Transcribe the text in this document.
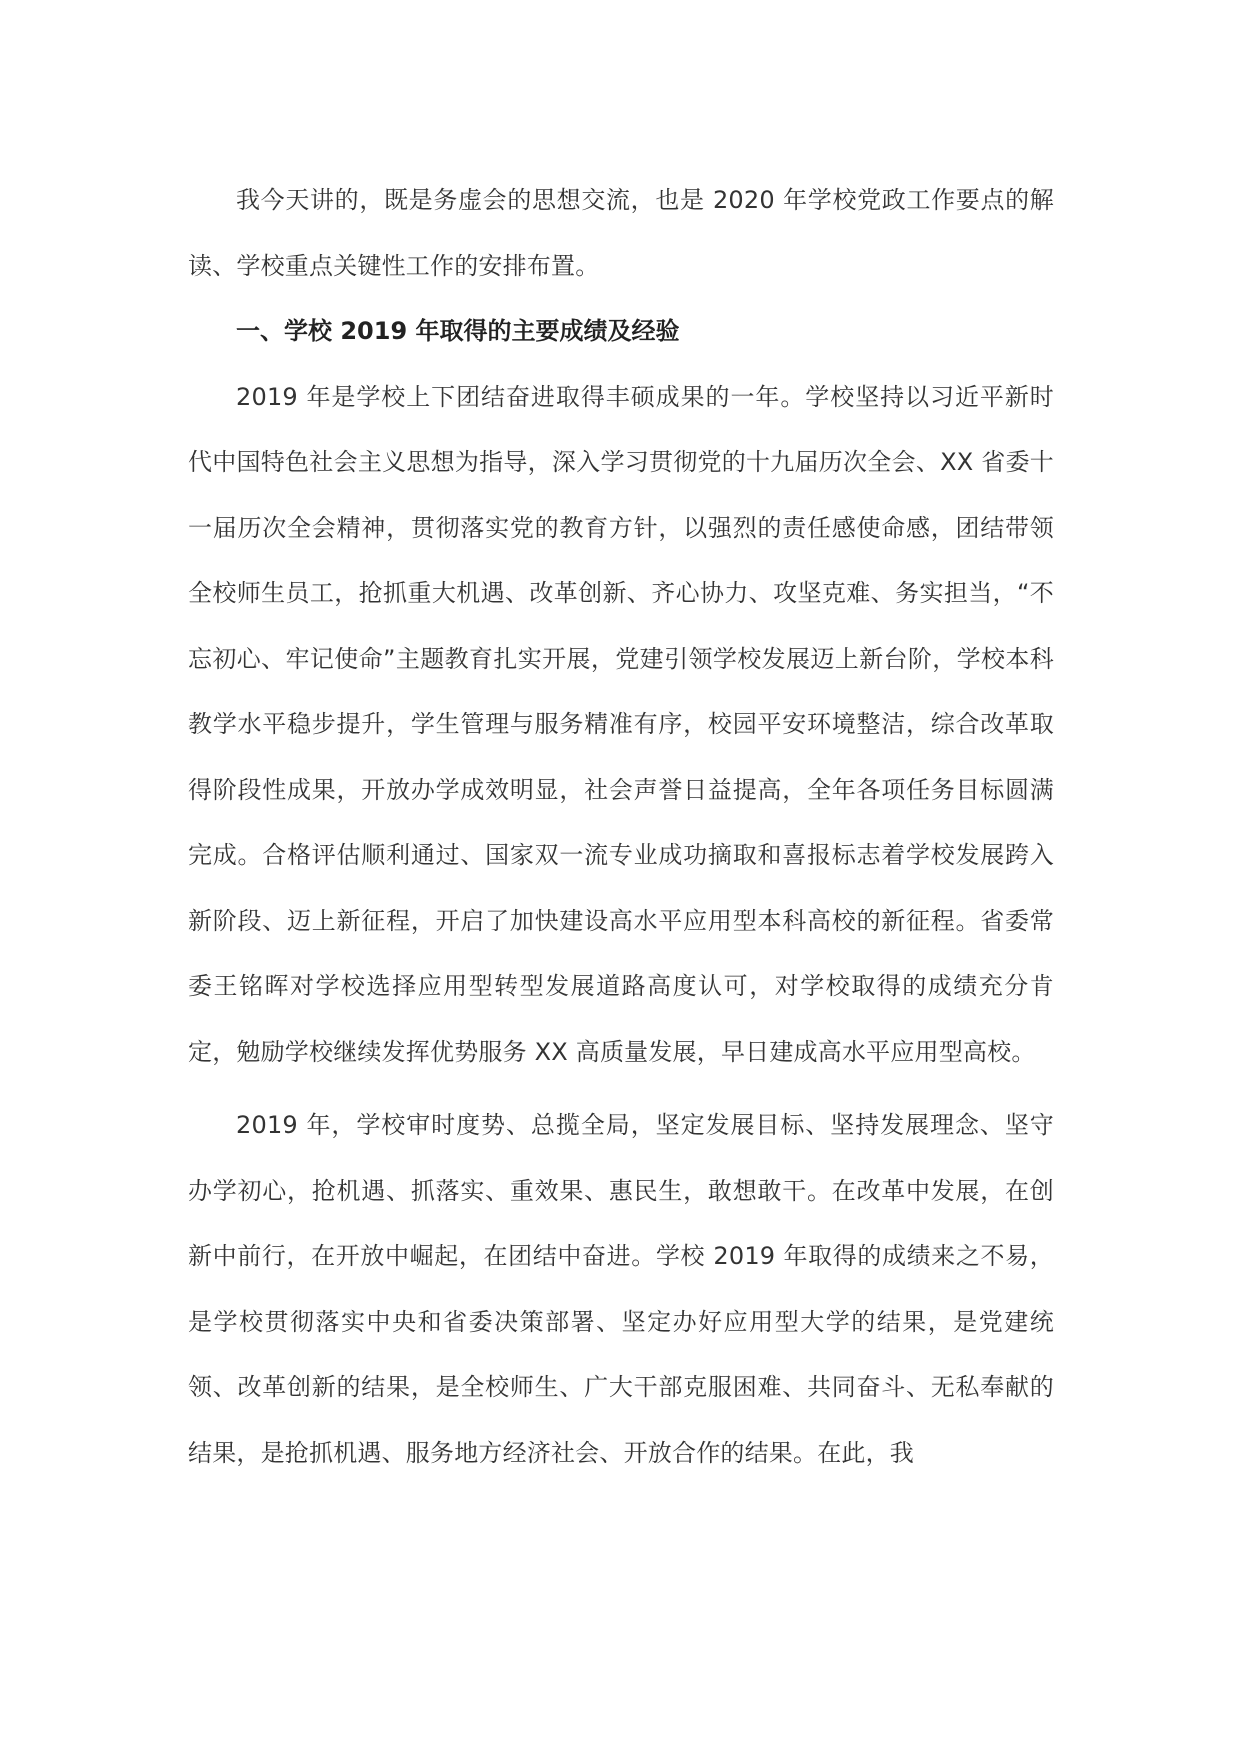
我今天讲的，既是务虚会的思想交流，也是 2020 年学校党政工作要点的解读、学校重点关键性工作的安排布置。

一、学校 2019 年取得的主要成绩及经验

2019 年是学校上下团结奋进取得丰硕成果的一年。学校坚持以习近平新时代中国特色社会主义思想为指导，深入学习贯彻党的十九届历次全会、XX 省委十一届历次全会精神，贯彻落实党的教育方针，以强烈的责任感使命感，团结带领全校师生员工，抢抓重大机遇、改革创新、齐心协力、攻坚克难、务实担当，“不忘初心、牢记使命”主题教育扎实开展，党建引领学校发展迈上新台阶，学校本科教学水平稳步提升，学生管理与服务精准有序，校园平安环境整洁，综合改革取得阶段性成果，开放办学成效明显，社会声誉日益提高，全年各项任务目标圆满完成。合格评估顺利通过、国家双一流专业成功摘取和喜报标志着学校发展跨入新阶段、迈上新征程，开启了加快建设高水平应用型本科高校的新征程。省委常委王铭晖对学校选择应用型转型发展道路高度认可，对学校取得的成绩充分肯定，勉励学校继续发挥优势服务 XX 高质量发展，早日建成高水平应用型高校。

2019 年，学校审时度势、总揽全局，坚定发展目标、坚持发展理念、坚守办学初心，抢机遇、抓落实、重效果、惠民生，敢想敢干。在改革中发展，在创新中前行，在开放中崛起，在团结中奋进。学校 2019 年取得的成绩来之不易，是学校贯彻落实中央和省委决策部署、坚定办好应用型大学的结果，是党建统领、改革创新的结果，是全校师生、广大干部克服困难、共同奋斗、无私奉献的结果，是抢抓机遇、服务地方经济社会、开放合作的结果。在此，我
